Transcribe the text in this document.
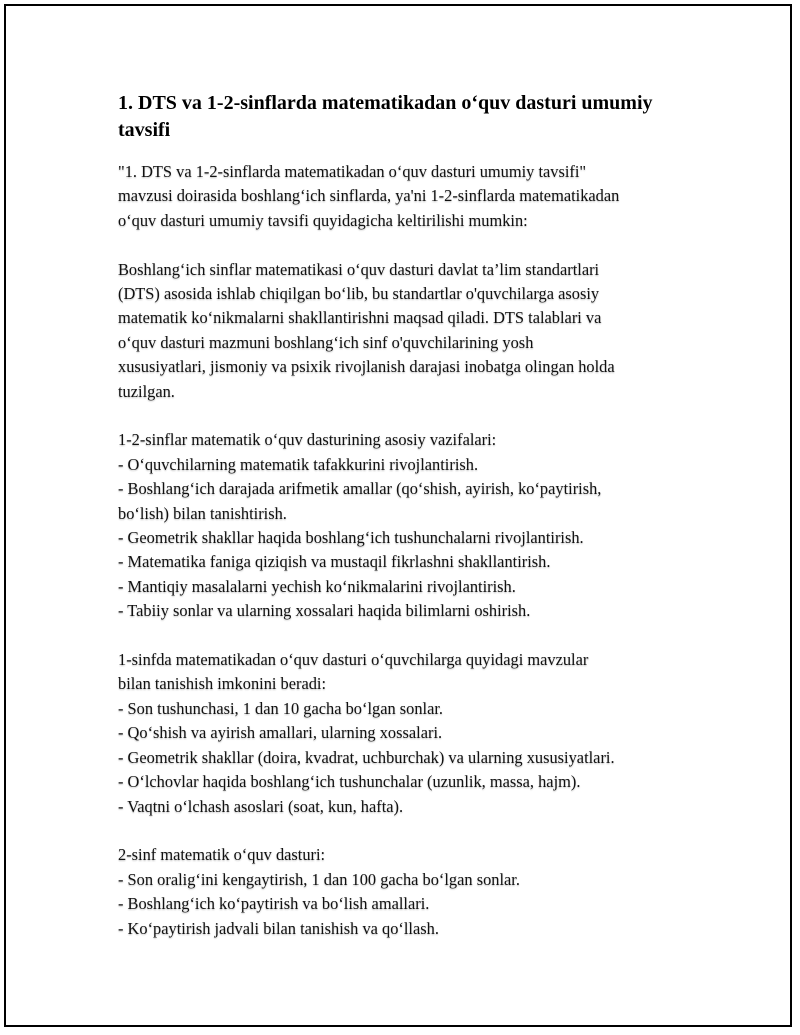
1. DTS va 1-2-sinflarda matematikadan o‘quv dasturi umumiy tavsifi

"1. DTS va 1-2-sinflarda matematikadan o‘quv dasturi umumiy tavsifi"
mavzusi doirasida boshlang‘ich sinflarda, ya'ni 1-2-sinflarda matematikadan
o‘quv dasturi umumiy tavsifi quyidagicha keltirilishi mumkin:

Boshlang‘ich sinflar matematikasi o‘quv dasturi davlat ta’lim standartlari
(DTS) asosida ishlab chiqilgan bo‘lib, bu standartlar o'quvchilarga asosiy
matematik ko‘nikmalarni shakllantirishni maqsad qiladi. DTS talablari va
o‘quv dasturi mazmuni boshlang‘ich sinf o'quvchilarining yosh
xususiyatlari, jismoniy va psixik rivojlanish darajasi inobatga olingan holda
tuzilgan.

1-2-sinflar matematik o‘quv dasturining asosiy vazifalari:
- O‘quvchilarning matematik tafakkurini rivojlantirish.
- Boshlang‘ich darajada arifmetik amallar (qo‘shish, ayirish, ko‘paytirish,
bo‘lish) bilan tanishtirish.
- Geometrik shakllar haqida boshlang‘ich tushunchalarni rivojlantirish.
- Matematika faniga qiziqish va mustaqil fikrlashni shakllantirish.
- Mantiqiy masalalarni yechish ko‘nikmalarini rivojlantirish.
- Tabiiy sonlar va ularning xossalari haqida bilimlarni oshirish.

1-sinfda matematikadan o‘quv dasturi o‘quvchilarga quyidagi mavzular
bilan tanishish imkonini beradi:
- Son tushunchasi, 1 dan 10 gacha bo‘lgan sonlar.
- Qo‘shish va ayirish amallari, ularning xossalari.
- Geometrik shakllar (doira, kvadrat, uchburchak) va ularning xususiyatlari.
- O‘lchovlar haqida boshlang‘ich tushunchalar (uzunlik, massa, hajm).
- Vaqtni o‘lchash asoslari (soat, kun, hafta).

2-sinf matematik o‘quv dasturi:
- Son oralig‘ini kengaytirish, 1 dan 100 gacha bo‘lgan sonlar.
- Boshlang‘ich ko‘paytirish va bo‘lish amallari.
- Ko‘paytirish jadvali bilan tanishish va qo‘llash.
